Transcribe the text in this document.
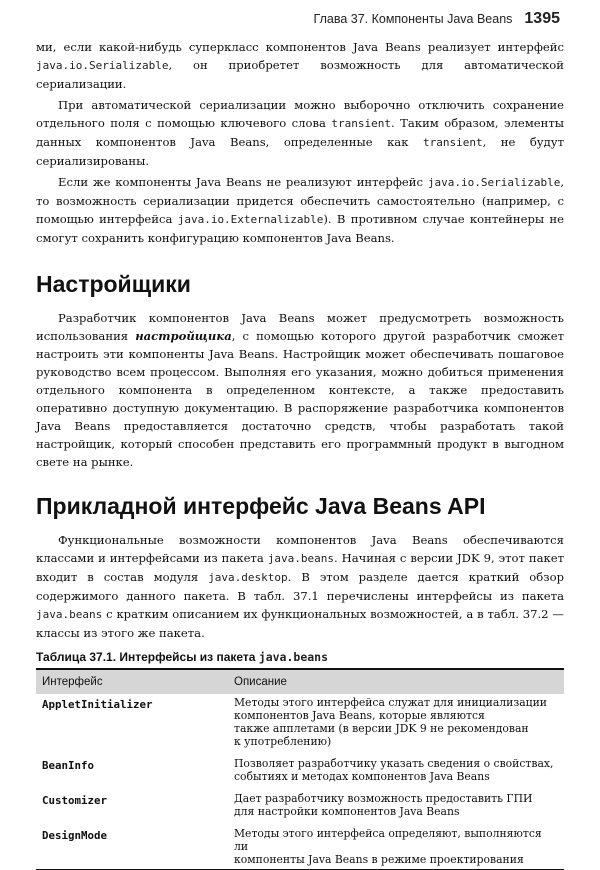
Глава 37. Компоненты Java Beans 1395

ми, если какой-нибудь суперкласс компонентов Java Beans реализует интерфейс java.io.Serializable, он приобретет возможность для автоматической сериализации.

При автоматической сериализации можно выборочно отключить сохранение отдельного поля с помощью ключевого слова transient. Таким образом, элементы данных компонентов Java Beans, определенные как transient, не будут сериализированы.

Если же компоненты Java Beans не реализуют интерфейс java.io.Serializable, то возможность сериализации придется обеспечить самостоятельно (например, с помощью интерфейса java.io.Externalizable). В противном случае контейнеры не смогут сохранить конфигурацию компонентов Java Beans.

Настройщики

Разработчик компонентов Java Beans может предусмотреть возможность использования настройщика, с помощью которого другой разработчик сможет настроить эти компоненты Java Beans. Настройщик может обеспечивать пошаговое руководство всем процессом. Выполняя его указания, можно добиться применения отдельного компонента в определенном контексте, а также предоставить оперативно доступную документацию. В распоряжение разработчика компонентов Java Beans предоставляется достаточно средств, чтобы разработать такой настройщик, который способен представить его программный продукт в выгодном свете на рынке.

Прикладной интерфейс Java Beans API

Функциональные возможности компонентов Java Beans обеспечиваются классами и интерфейсами из пакета java.beans. Начиная с версии JDK 9, этот пакет входит в состав модуля java.desktop. В этом разделе дается краткий обзор содержимого данного пакета. В табл. 37.1 перечислены интерфейсы из пакета java.beans с кратким описанием их функциональных возможностей, а в табл. 37.2 — классы из этого же пакета.

Таблица 37.1. Интерфейсы из пакета java.beans

Интерфейс	Описание
AppletInitializer	Методы этого интерфейса служат для инициализации
компонентов Java Beans, которые являются
также апплетами (в версии JDK 9 не рекомендован
к употреблению)

BeanInfo	Позволяет разработчику указать сведения о свойствах,
событиях и методах компонентов Java Beans

Customizer	Дает разработчику возможность предоставить ГПИ
для настройки компонентов Java Beans

DesignMode	Методы этого интерфейса определяют, выполняются ли
компоненты Java Beans в режиме проектирования
